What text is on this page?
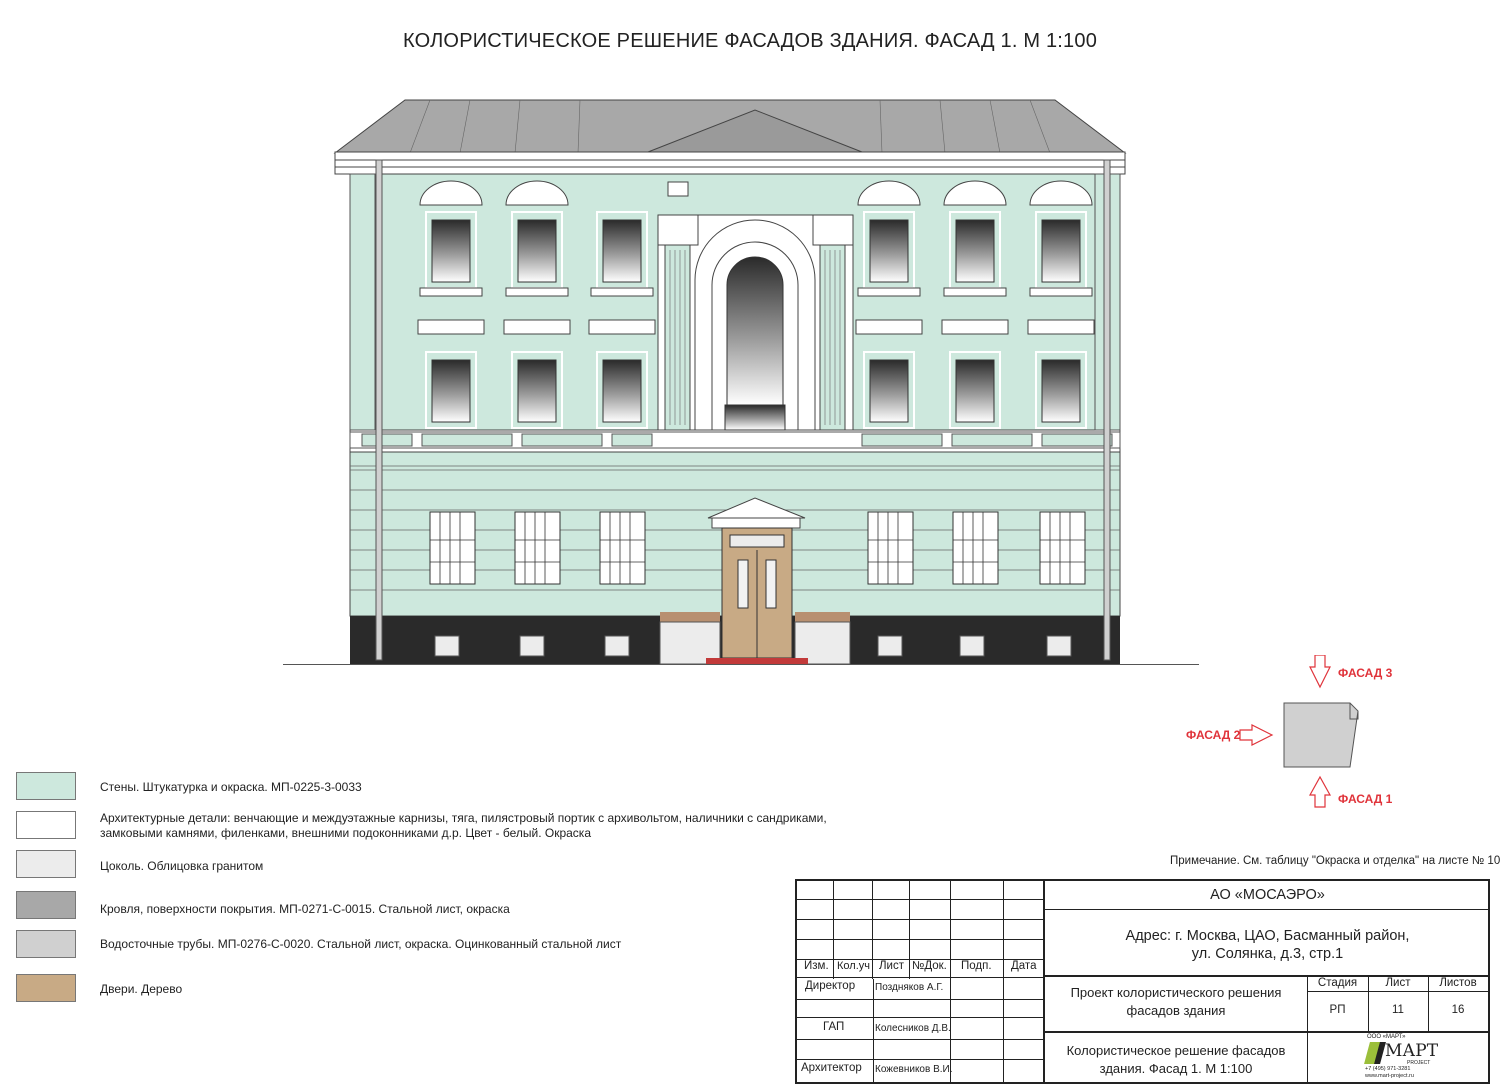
КОЛОРИСТИЧЕСКОЕ РЕШЕНИЕ ФАСАДОВ ЗДАНИЯ. ФАСАД 1. М 1:100
Стены. Штукатурка и окраска. МП-0225-3-0033
Архитектурные детали: венчающие и междуэтажные карнизы, тяга, пилястровый портик с архивольтом, наличники с сандриками,
замковыми камнями, филенками, внешними подоконниками д.р. Цвет - белый. Окраска
Цоколь. Облицовка гранитом
Кровля, поверхности покрытия. МП-0271-С-0015. Стальной лист, окраска
Водосточные трубы. МП-0276-С-0020. Стальной лист, окраска. Оцинкованный стальной лист
Двери. Дерево
ФАСАД 3
ФАСАД 2
ФАСАД 1
Примечание. См. таблицу "Окраска и отделка" на листе № 10
Изм. Кол.уч Лист №Док. Подп. Дата
Директор Поздняков А.Г.
ГАП	Колесников Д.В.
Архитектор Кожевников В.И.
АО «МОСАЭРО»
Адрес: г. Москва, ЦАО, Басманный район,
ул. Солянка, д.3, стр.1
Проект колористического решения
фасадов здания
Стадия	Лист	Листов
РП	11	16
Колористическое решение фасадов
здания. Фасад 1. М 1:100
ООО «МАРТ»
МАРТ
PROJECT
+7 (495) 971-3281
www.mart-project.ru
